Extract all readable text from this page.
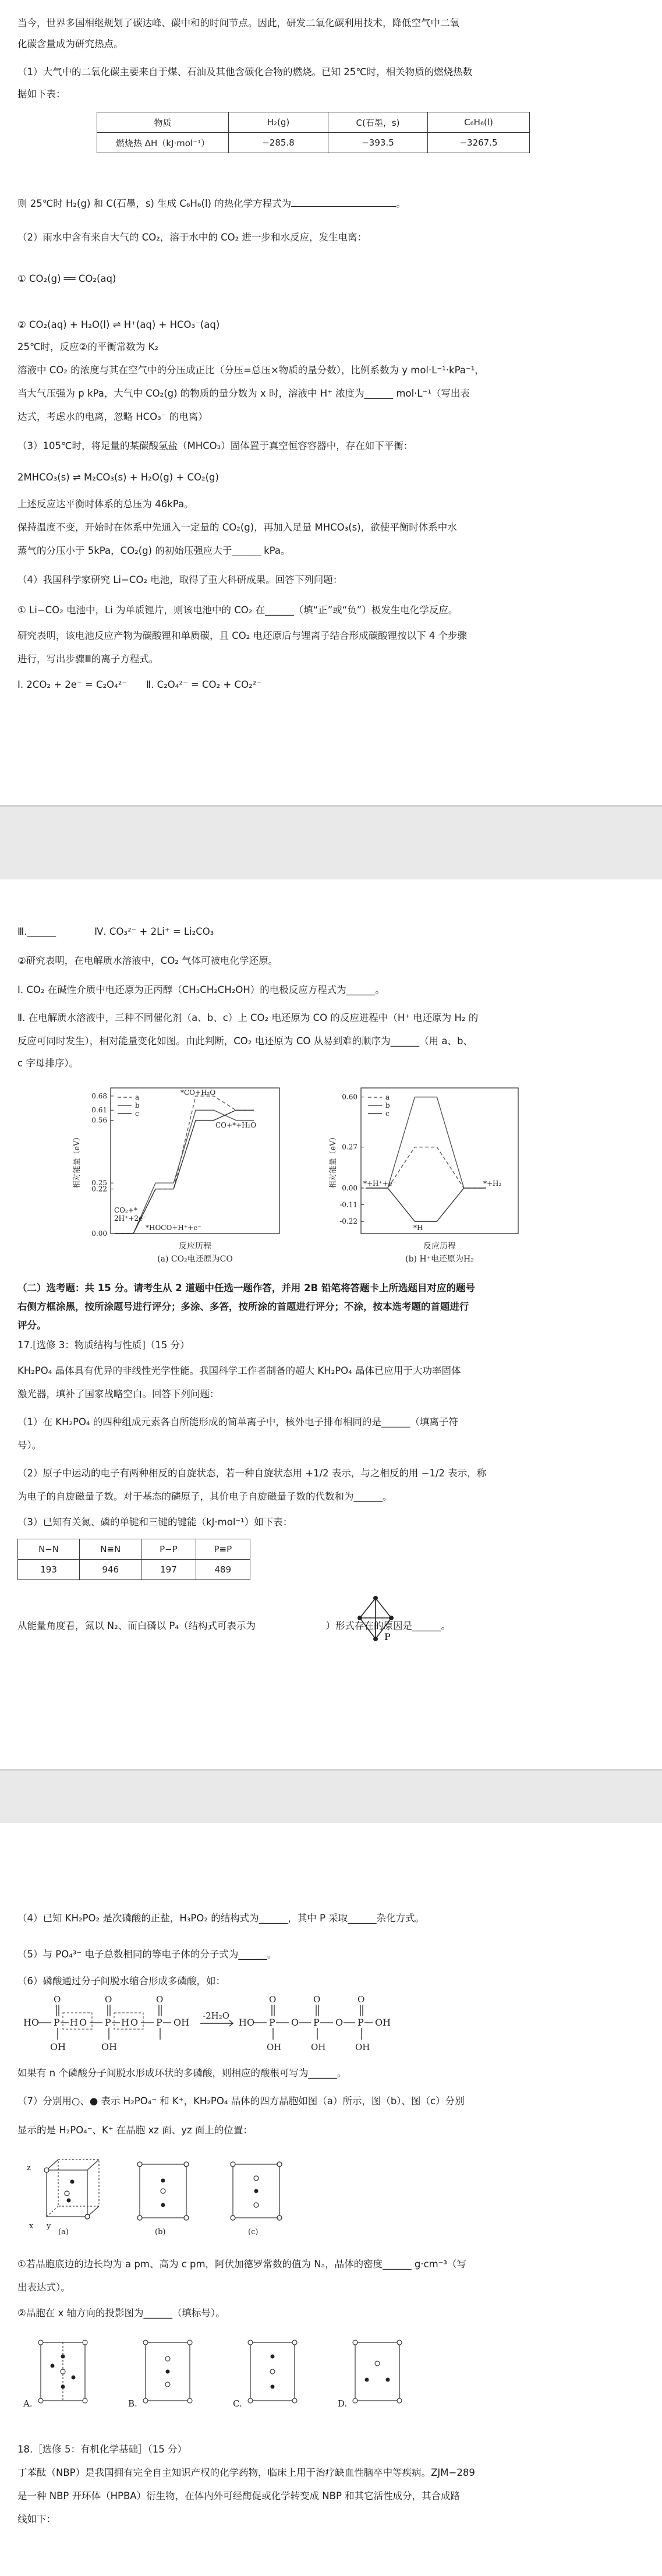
当今，世界多国相继规划了碳达峰、碳中和的时间节点。因此，研发二氧化碳利用技术，降低空气中二氧
化碳含量成为研究热点。
（1）大气中的二氧化碳主要来自于煤、石油及其他含碳化合物的燃烧。已知 25℃时，相关物质的燃烧热数
据如下表：
物质	H₂(g)	C(石墨，s)	C₆H₆(l)
燃烧热 ΔH（kJ·mol⁻¹）	−285.8	−393.5	−3267.5
则 25℃时 H₂(g) 和 C(石墨，s) 生成 C₆H₆(l) 的热化学方程式为	。
（2）雨水中含有来自大气的 CO₂，溶于水中的 CO₂ 进一步和水反应，发生电离：
① CO₂(g) ══ CO₂(aq)
② CO₂(aq) + H₂O(l) ⇌ H⁺(aq) + HCO₃⁻(aq)
25℃时，反应②的平衡常数为 K₂
溶液中 CO₂ 的浓度与其在空气中的分压成正比（分压=总压×物质的量分数），比例系数为 y mol·L⁻¹·kPa⁻¹，
当大气压强为 p kPa，大气中 CO₂(g) 的物质的量分数为 x 时，溶液中 H⁺ 浓度为______ mol·L⁻¹（写出表
达式，考虑水的电离，忽略 HCO₃⁻ 的电离）
（3）105℃时，将足量的某碳酸氢盐（MHCO₃）固体置于真空恒容容器中，存在如下平衡：
2MHCO₃(s) ⇌ M₂CO₃(s) + H₂O(g) + CO₂(g)
上述反应达平衡时体系的总压为 46kPa。
保持温度不变，开始时在体系中先通入一定量的 CO₂(g)，再加入足量 MHCO₃(s)，欲使平衡时体系中水
蒸气的分压小于 5kPa，CO₂(g) 的初始压强应大于______ kPa。
（4）我国科学家研究 Li−CO₂ 电池，取得了重大科研成果。回答下列问题：
① Li−CO₂ 电池中，Li 为单质锂片，则该电池中的 CO₂ 在______（填“正”或“负”）极发生电化学反应。
研究表明，该电池反应产物为碳酸锂和单质碳，且 CO₂ 电还原后与锂离子结合形成碳酸锂按以下 4 个步骤
进行，写出步骤Ⅲ的离子方程式。
Ⅰ. 2CO₂ + 2e⁻ = C₂O₄²⁻　　Ⅱ. C₂O₄²⁻ = CO₂ + CO₂²⁻
Ⅲ.______　　　　Ⅳ. CO₃²⁻ + 2Li⁺ = Li₂CO₃
②研究表明，在电解质水溶液中，CO₂ 气体可被电化学还原。
Ⅰ. CO₂ 在碱性介质中电还原为正丙醇（CH₃CH₂CH₂OH）的电极反应方程式为______。
Ⅱ. 在电解质水溶液中，三种不同催化剂（a、b、c）上 CO₂ 电还原为 CO 的反应进程中（H⁺ 电还原为 H₂ 的
反应可同时发生），相对能量变化如图。由此判断，CO₂ 电还原为 CO 从易到难的顺序为______（用 a、b、
c 字母排序）。
0.68
0.56
0.61
0.25
0.22
0.00
a
b
c
*CO+H₂O
CO+*+H₂O
CO₂+*
2H⁺+2e⁻
*HOCO+H⁺+e⁻
反应历程
(a) CO₂电还原为CO
相对能量（eV）
0.60
0.27
0.00
-0.11
-0.22
a
b
c
*+H⁺+e⁻
*H
*+H₂
反应历程
(b) H⁺电还原为H₂
相对能量（eV）
（二）选考题：共 15 分。请考生从 2 道题中任选一题作答，并用 2B 铅笔将答题卡上所选题目对应的题号
右侧方框涂黑，按所涂题号进行评分；多涂、多答，按所涂的首题进行评分；不涂，按本选考题的首题进行
评分。
17.[选修 3：物质结构与性质]（15 分）
KH₂PO₄ 晶体具有优异的非线性光学性能。我国科学工作者制备的超大 KH₂PO₄ 晶体已应用于大功率固体
激光器，填补了国家战略空白。回答下列问题：
（1）在 KH₂PO₄ 的四种组成元素各自所能形成的简单离子中，核外电子排布相同的是______（填离子符
号）。
（2）原子中运动的电子有两种相反的自旋状态，若一种自旋状态用 +1/2 表示，与之相反的用 −1/2 表示，称
为电子的自旋磁量子数。对于基态的磷原子，其价电子自旋磁量子数的代数和为______。
（3）已知有关氮、磷的单键和三键的键能（kJ·mol⁻¹）如下表：
N−N	N≡N	P−P	P≡P
193	946	197	489
从能量角度看，氮以 N₂、而白磷以 P₄（结构式可表示为	）形式存在的原因是______。
P
（4）已知 KH₂PO₂ 是次磷酸的正盐，H₃PO₂ 的结构式为______，其中 P 采取______杂化方式。
（5）与 PO₄³⁻ 电子总数相同的等电子体的分子式为______。
（6）磷酸通过分子间脱水缩合形成多磷酸，如：
HO P
OH
H O P
OH
H O P OH
O	O	O
-2H₂O
HO P O P O P OH
O	O	O
OH	OH	OH
如果有 n 个磷酸分子间脱水形成环状的多磷酸，则相应的酸根可写为______。
（7）分别用○、● 表示 H₂PO₄⁻ 和 K⁺，KH₂PO₄ 晶体的四方晶胞如图（a）所示，图（b）、图（c）分别
显示的是 H₂PO₄⁻、K⁺ 在晶胞 xz 面、yz 面上的位置：
(a)	(b)	(c)
z
x y
①若晶胞底边的边长均为 a pm、高为 c pm，阿伏加德罗常数的值为 Nₐ，晶体的密度______ g·cm⁻³（写
出表达式）。
②晶胞在 x 轴方向的投影图为______（填标号）。
A.	B.	C.	D.
18.［选修 5：有机化学基础］（15 分）
丁苯酞（NBP）是我国拥有完全自主知识产权的化学药物，临床上用于治疗缺血性脑卒中等疾病。ZJM−289
是一种 NBP 开环体（HPBA）衍生物，在体内外可经酶促或化学转变成 NBP 和其它活性成分，其合成路
线如下：
